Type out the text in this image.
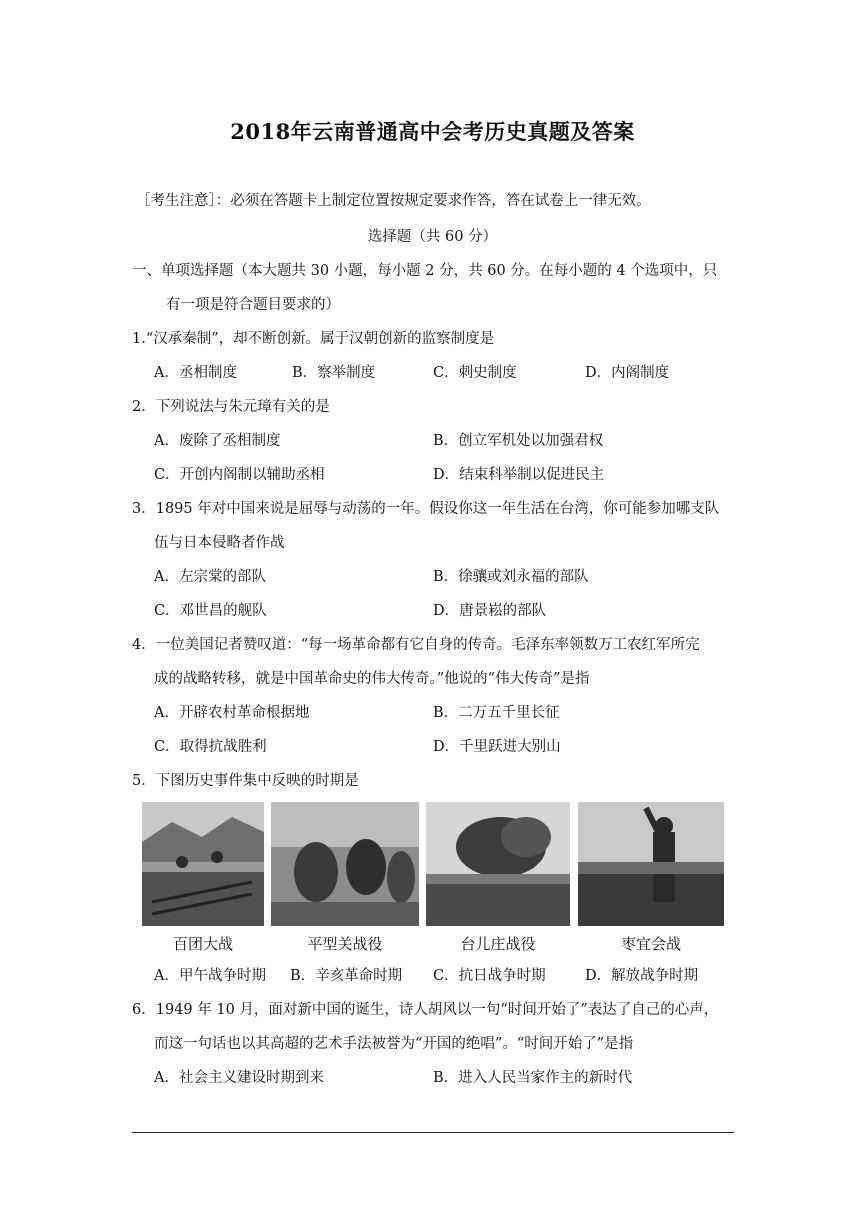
2018年云南普通高中会考历史真题及答案
［考生注意］：必须在答题卡上制定位置按规定要求作答，答在试卷上一律无效。
选择题（共 60 分）
一、单项选择题（本大题共 30 小题，每小题 2 分，共 60 分。在每小题的 4 个选项中，只
有一项是符合题目要求的）
1.“汉承秦制”，却不断创新。属于汉朝创新的监察制度是
A．丞相制度	B．察举制度	C．刺史制度	D．内阁制度
2．下列说法与朱元璋有关的是
A．废除了丞相制度	B．创立军机处以加强君权
C．开创内阁制以辅助丞相	D．结束科举制以促进民主
3．1895 年对中国来说是屈辱与动荡的一年。假设你这一年生活在台湾，你可能参加哪支队
伍与日本侵略者作战
A．左宗棠的部队	B．徐骧或刘永福的部队
C．邓世昌的舰队	D．唐景崧的部队
4．一位美国记者赞叹道：“每一场革命都有它自身的传奇。毛泽东率领数万工农红军所完
成的战略转移，就是中国革命史的伟大传奇。”他说的“伟大传奇”是指
A．开辟农村革命根据地	B．二万五千里长征
C．取得抗战胜利	D．千里跃进大别山
5．下图历史事件集中反映的时期是
百团大战	平型关战役	台儿庄战役	枣宜会战
A．甲午战争时期 B．辛亥革命时期 C．抗日战争时期	D．解放战争时期
6．1949 年 10 月，面对新中国的诞生，诗人胡风以一句“时间开始了”表达了自己的心声，
而这一句话也以其高超的艺术手法被誉为“开国的绝唱”。“时间开始了”是指
A．社会主义建设时期到来	B．进入人民当家作主的新时代
